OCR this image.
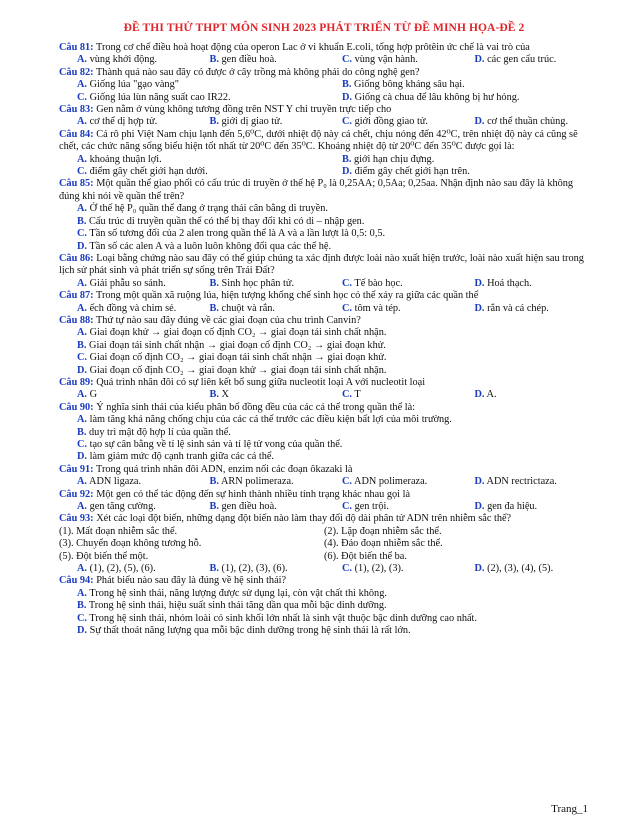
ĐỀ THI THỬ THPT MÔN SINH 2023 PHÁT TRIỂN TỪ ĐỀ MINH HỌA-ĐỀ 2

Câu 81: Trong cơ chế điều hoà hoạt động của operon Lac ở vi khuẩn E.coli, tổng hợp prôtêin ức chế là vai trò của

A. vùng khởi động.	B. gen điều hoà.	C. vùng vận hành.	D. các gen cấu trúc.

Câu 82: Thành quả nào sau đây có được ở cây trồng mà không phải do công nghệ gen?

A. Giống lúa "gạo vàng"	B. Giống bông kháng sâu hại.
C. Giống lúa lùn năng suất cao IR22.	D. Giống cà chua để lâu không bị hư hỏng.

Câu 83: Gen nằm ở vùng không tương đồng trên NST Y chỉ truyền trực tiếp cho

A. cơ thể dị hợp tử.	B. giới dị giao tử.	C. giới đồng giao tử.	D. cơ thể thuần chủng.

Câu 84: Cá rô phi Việt Nam chịu lạnh đến 5,6⁰C, dưới nhiệt độ này cá chết, chịu nóng đến 42⁰C, trên nhiệt độ này cá cũng sẽ chết, các chức năng sống biểu hiện tốt nhất từ 20⁰C đến 35⁰C. Khoảng nhiệt độ từ 20⁰C đến 35⁰C được gọi là:

A. khoảng thuận lợi.	B. giới hạn chịu đựng.
C. điểm gây chết giới hạn dưới.	D. điểm gây chết giới hạn trên.

Câu 85: Một quần thể giao phối có cấu trúc di truyền ở thế hệ P₀ là 0,25AA; 0,5Aa; 0,25aa. Nhận định nào sau đây là không đúng khi nói về quần thể trên?

A. Ở thế hệ P₀ quần thể đang ở trạng thái cân bằng di truyền.
B. Cấu trúc di truyền quần thể có thể bị thay đổi khi có di – nhập gen.
C. Tần số tương đối của 2 alen trong quần thể là A và a lần lượt là 0,5: 0,5.
D. Tần số các alen A và a luôn luôn không đổi qua các thế hệ.

Câu 86: Loại bằng chứng nào sau đây có thể giúp chúng ta xác định được loài nào xuất hiện trước, loài nào xuất hiện sau trong lịch sử phát sinh và phát triển sự sống trên Trái Đất?

A. Giải phẫu so sánh.	B. Sinh học phân tử.	C. Tế bào học.	D. Hoá thạch.

Câu 87: Trong một quần xã ruộng lúa, hiện tượng khống chế sinh học có thể xảy ra giữa các quần thể

A. ếch đồng và chim sẻ.	B. chuột và rắn.	C. tôm và tép.	D. rắn và cá chép.

Câu 88: Thứ tự nào sau đây đúng về các giai đoạn của chu trình Canvin?

A. Giai đoạn khử → giai đoạn cố định CO₂ → giai đoạn tái sinh chất nhận.
B. Giai đoạn tái sinh chất nhận → giai đoạn cố định CO₂ → giai đoạn khử.
C. Giai đoạn cố định CO₂ → giai đoạn tái sinh chất nhận → giai đoạn khử.
D. Giai đoạn cố định CO₂ → giai đoạn khử → giai đoạn tái sinh chất nhận.

Câu 89: Quá trình nhân đôi có sự liên kết bổ sung giữa nucleotit loại A với nucleotit loại

A. G	B. X	C. T	D. A.

Câu 90: Ý nghĩa sinh thái của kiểu phân bố đồng đều của các cá thể trong quần thể là:

A. làm tăng khả năng chống chịu của các cá thể trước các điều kiện bất lợi của môi trường.
B. duy trì mật độ hợp lí của quần thể.
C. tạo sự cân bằng về tỉ lệ sinh sản và tỉ lệ tử vong của quần thể.
D. làm giảm mức độ cạnh tranh giữa các cá thể.

Câu 91: Trong quá trình nhân đôi ADN, enzim nối các đoạn ôkazaki là

A. ADN ligaza.	B. ARN polimeraza.	C. ADN polimeraza.	D. ADN rectrictaza.

Câu 92: Một gen có thể tác động đến sự hình thành nhiều tính trạng khác nhau gọi là

A. gen tăng cường.	B. gen điều hoà.	C. gen trội.	D. gen đa hiệu.

Câu 93: Xét các loại đột biến, những dạng đột biến nào làm thay đổi độ dài phân tử ADN trên nhiễm sắc thể?

(1). Mất đoạn nhiễm sắc thể.	(2). Lặp đoạn nhiễm sắc thể.
(3). Chuyển đoạn không tương hỗ.	(4). Đảo đoạn nhiễm sắc thể.
(5). Đột biến thể một.	(6). Đột biến thể ba.
A. (1), (2), (5), (6).	B. (1), (2), (3), (6).	C. (1), (2), (3).	D. (2), (3), (4), (5).

Câu 94: Phát biểu nào sau đây là đúng về hệ sinh thái?

A. Trong hệ sinh thái, năng lượng được sử dụng lại, còn vật chất thì không.
B. Trong hệ sinh thái, hiệu suất sinh thái tăng dần qua mỗi bậc dinh dưỡng.
C. Trong hệ sinh thái, nhóm loài có sinh khối lớn nhất là sinh vật thuộc bậc dinh dưỡng cao nhất.
D. Sự thất thoát năng lượng qua mỗi bậc dinh dưỡng trong hệ sinh thái là rất lớn.
Trang_1
